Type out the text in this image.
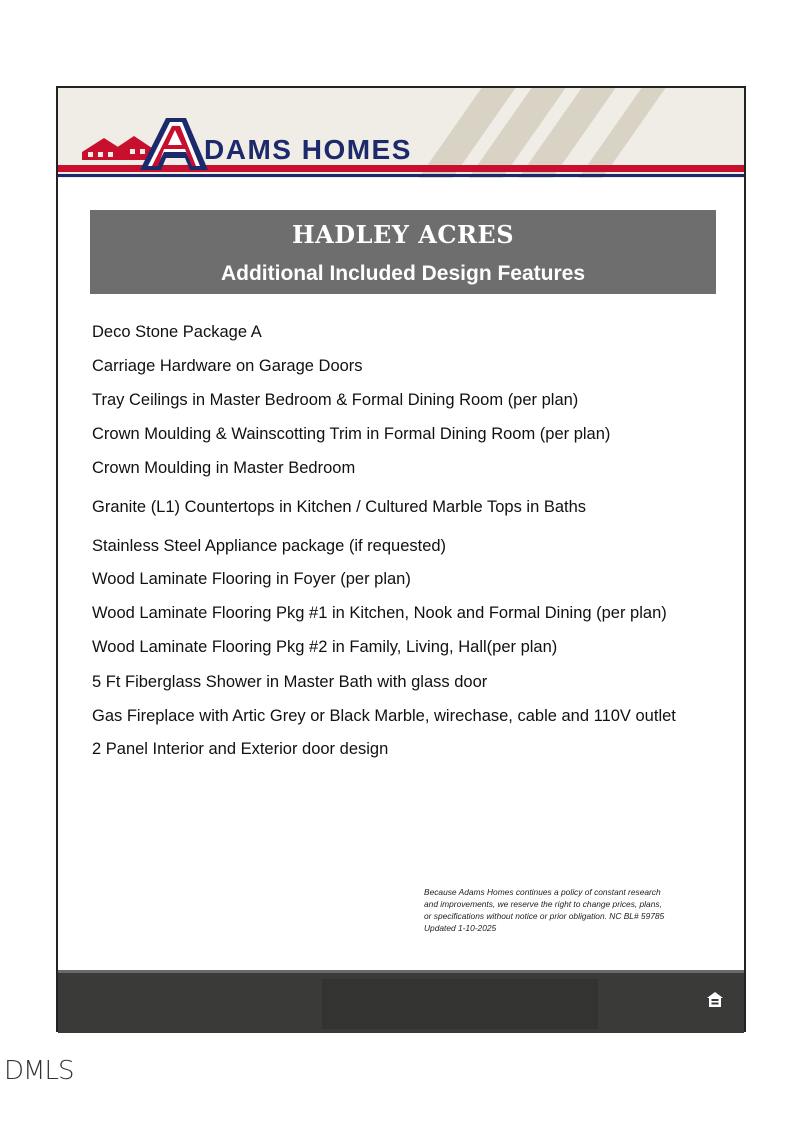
DAMS HOMES
HADLEY ACRES
Additional Included Design Features
Deco Stone Package A
Carriage Hardware on Garage Doors
Tray Ceilings in Master Bedroom & Formal Dining Room (per plan)
Crown Moulding & Wainscotting Trim in Formal Dining Room (per plan)
Crown Moulding in Master Bedroom
Granite (L1) Countertops in Kitchen / Cultured Marble Tops in Baths
Stainless Steel Appliance package (if requested)
Wood Laminate Flooring in Foyer (per plan)
Wood Laminate Flooring Pkg #1 in Kitchen, Nook and Formal Dining (per plan)
Wood Laminate Flooring Pkg #2 in Family, Living, Hall(per plan)
5 Ft Fiberglass Shower in Master Bath with glass door
Gas Fireplace with Artic Grey or Black Marble, wirechase, cable and 110V outlet
2 Panel Interior and Exterior door design
Because Adams Homes continues a policy of constant research
and improvements, we reserve the right to change prices, plans,
or specifications without notice or prior obligation. NC BL# 59785
Updated 1-10-2025
DMLS
